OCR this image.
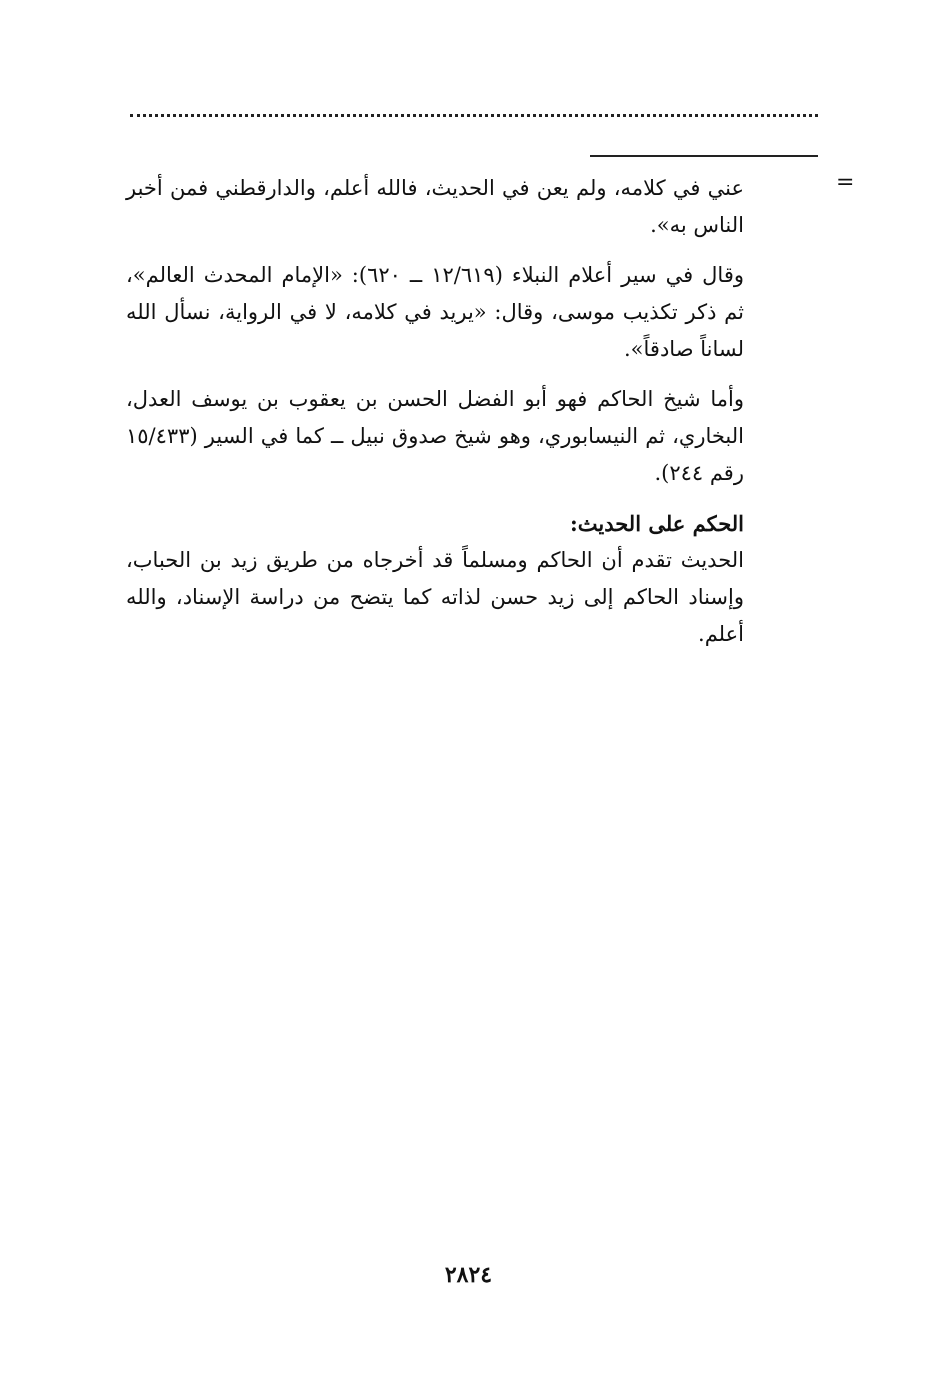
=

عني في كلامه، ولم يعن في الحديث، فالله أعلم، والدارقطني فمن أخبر الناس به».

وقال في سير أعلام النبلاء (١٢/٦١٩ ــ ٦٢٠): «الإمام المحدث العالم»، ثم ذكر تكذيب موسى، وقال: «يريد في كلامه، لا في الرواية، نسأل الله لساناً صادقاً».

وأما شيخ الحاكم فهو أبو الفضل الحسن بن يعقوب بن يوسف العدل، البخاري، ثم النيسابوري، وهو شيخ صدوق نبيل ــ كما في السير (١٥/٤٣٣ رقم ٢٤٤).

الحكم على الحديث:

الحديث تقدم أن الحاكم ومسلماً قد أخرجاه من طريق زيد بن الحباب، وإسناد الحاكم إلى زيد حسن لذاته كما يتضح من دراسة الإسناد، والله أعلم.

٢٨٢٤
